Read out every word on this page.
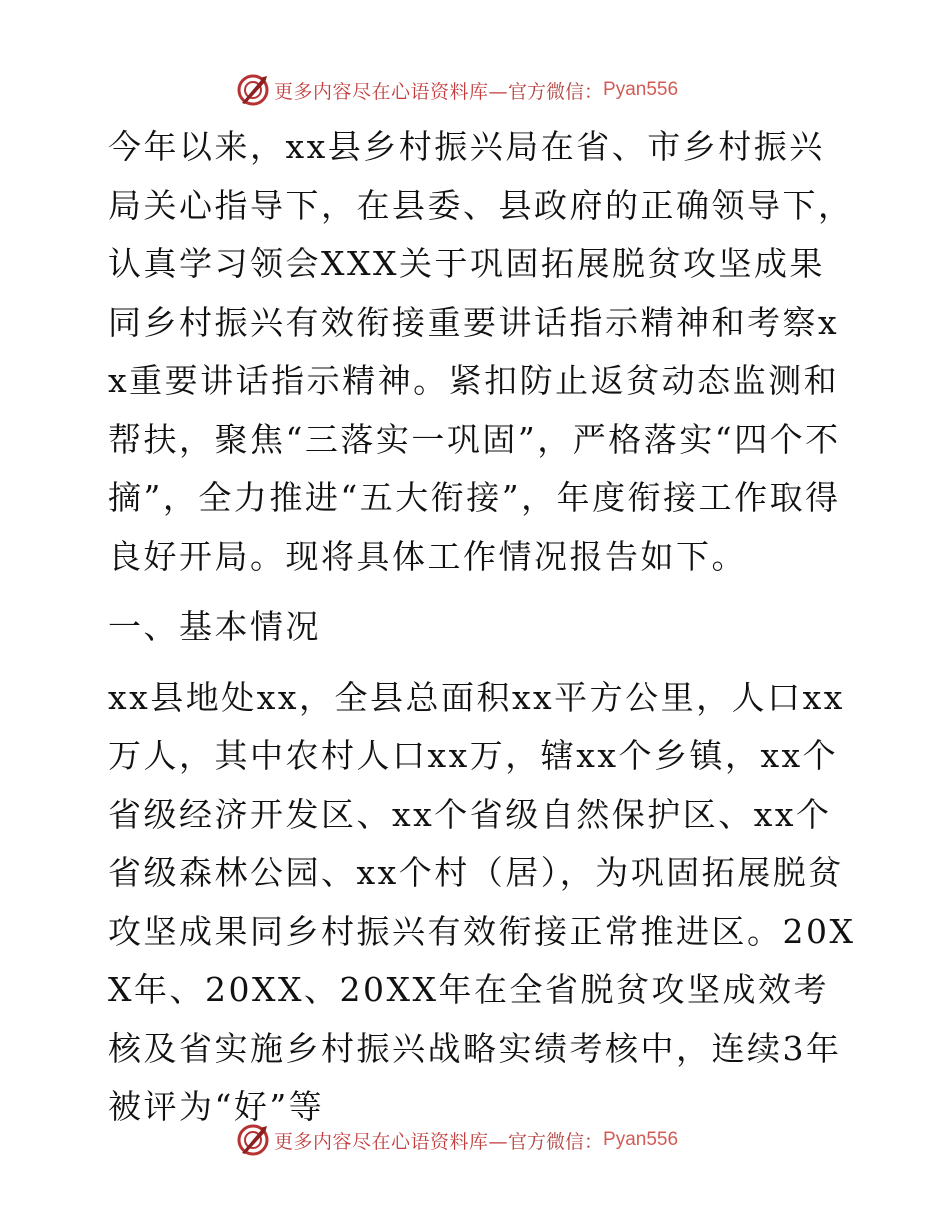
更多内容尽在心语资料库— 官方微信： Pyan556

今年以来，xx县乡村振兴局在省、市乡村振兴局关心指导下，在县委、县政府的正确领导下，认真学习领会XXX关于巩固拓展脱贫攻坚成果同乡村振兴有效衔接重要讲话指示精神和考察xx重要讲话指示精神。紧扣防止返贫动态监测和帮扶，聚焦“三落实一巩固”，严格落实“四个不摘”，全力推进“五大衔接”，年度衔接工作取得良好开局。现将具体工作情况报告如下。

一、基本情况

xx县地处xx，全县总面积xx平方公里，人口xx万人，其中农村人口xx万，辖xx个乡镇，xx个省级经济开发区、xx个省级自然保护区、xx个省级森林公园、xx个村（居），为巩固拓展脱贫攻坚成果同乡村振兴有效衔接正常推进区。20XX年、20XX、20XX年在全省脱贫攻坚成效考核及省实施乡村振兴战略实绩考核中，连续3年被评为“好”等

更多内容尽在心语资料库— 官方微信： Pyan556
